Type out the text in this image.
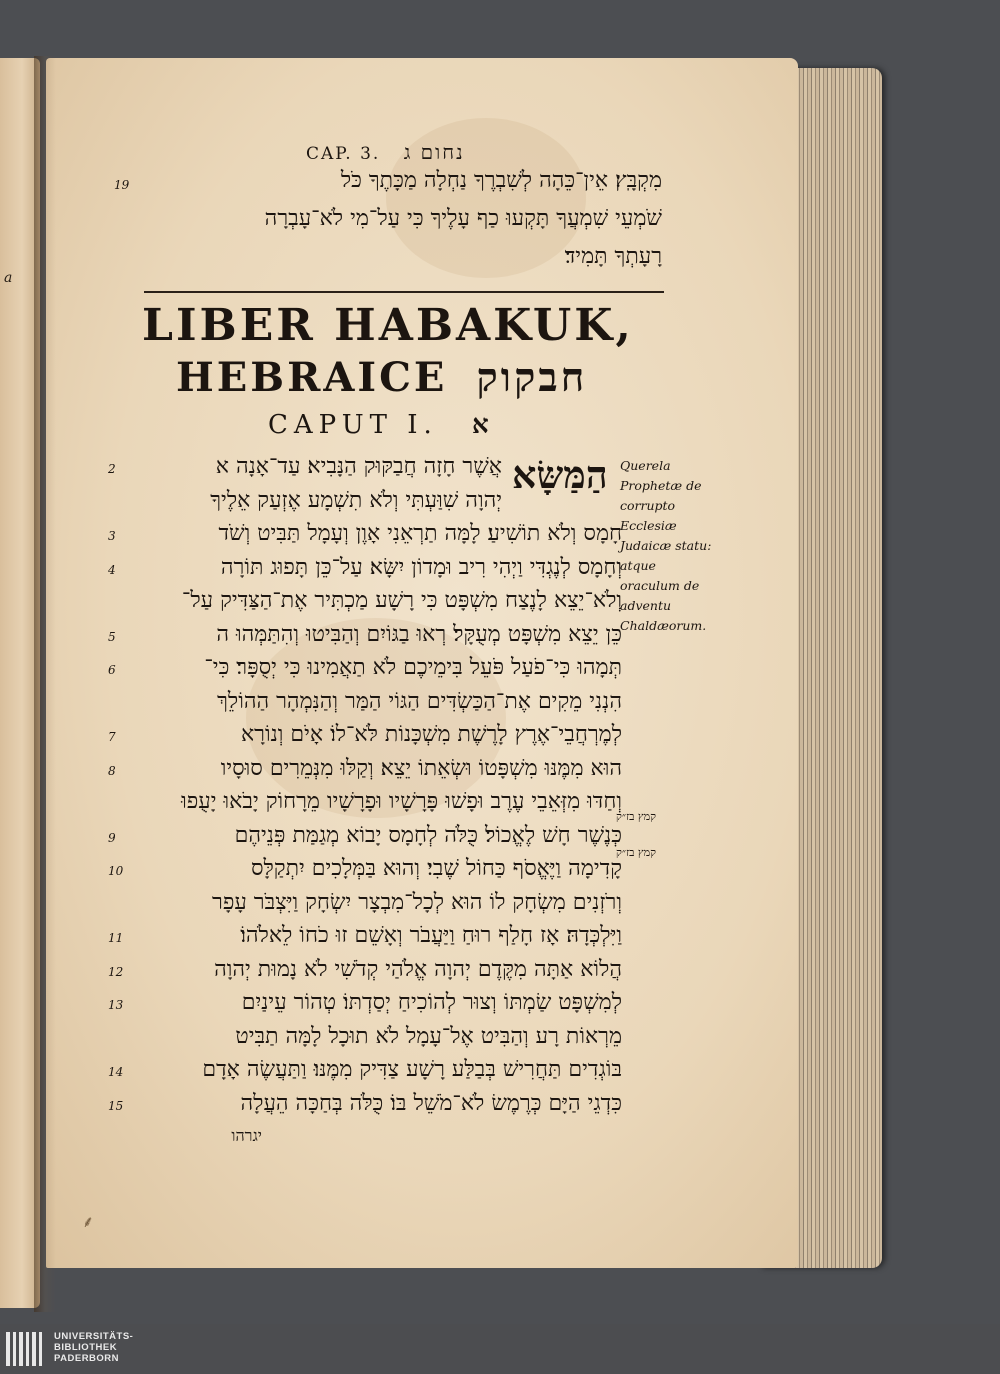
a
CAP. 3. נחום ג
19	מִקְבָּֽץ׃ אֵין־כֵּהָה לְשִׁבְרֶךָ נַחְלָה מַכָּתֶךָ כֹּל
שֹׁמְעֵי שִׁמְעֲךָ תָּקְעוּ כַף עָלֶיךָ כִּי עַל־מִי לֹא־עָבְרָה
רָעָתְךָ תָּמִיד׃
LIBER HABAKUK,
HEBRAICE חבקוק
CAPUT I. א
הַמַּשָּׂא Querela Prophetæ de corrupto Ecclesiæ Judaicæ statu: atque oraculum de adventu Chaldæorum.
קמץ בז״ק
קמץ בז״ק
יגרהו
⸙
אֲשֶׁר חָזָה חֲבַקּוּק הַנָּבִיא׃ עַד־אָנָה א
2
יְהוָה שִׁוַּעְתִּי וְלֹא תִשְׁמָע אֶזְעַק אֵלֶיךָ
חָמָס וְלֹא תוֹשִׁיעַ׃ לָמָּה תַרְאֵנִי אָוֶן וְעָמָל תַּבִּיט וְשֹׁד
3
וְחָמָס לְנֶגְדִּי וַיְהִי רִיב וּמָדוֹן יִשָּׂא׃ עַל־כֵּן תָּפוּג תּוֹרָה
4
וְלֹא־יֵצֵא לָנֶצַח מִשְׁפָּט כִּי רָשָׁע מַכְתִּיר אֶת־הַצַּדִּיק עַל־
כֵּן יֵצֵא מִשְׁפָּט מְעֻקָּל׃ רְאוּ בַגּוֹיִם וְהַבִּיטוּ וְהִתַּמְּהוּ ה
5
תְּמָהוּ כִּי־פֹעַל פֹּעֵל בִּימֵיכֶם לֹא תַאֲמִינוּ כִּי יְסֻפָּר׃ כִּי־
6
הִנְנִי מֵקִים אֶת־הַכַּשְׂדִּים הַגּוֹי הַמַּר וְהַנִּמְהָר הַהוֹלֵךְ
לְמֶרְחֲבֵי־אֶרֶץ לָרֶשֶׁת מִשְׁכָּנוֹת לֹּא־לוֹ׃ אָיֹם וְנוֹרָא
7
הוּא מִמֶּנּוּ מִשְׁפָּטוֹ וּשְׂאֵתוֹ יֵצֵא׃ וְקַלּוּ מִנְּמֵרִים סוּסָיו
8
וְחַדּוּ מִזְּאֵבֵי עֶרֶב וּפָשׁוּ פָּרָשָׁיו וּפָרָשָׁיו מֵרָחוֹק יָבֹאוּ יָעֻפוּ
כְּנֶשֶׁר חָשׁ לֶאֱכוֹל׃ כֻּלֹּה לְחָמָס יָבוֹא מְגַמַּת פְּנֵיהֶם
9
קָדִימָה וַיֶּאֱסֹף כַּחוֹל שֶׁבִי׃ וְהוּא בַּמְּלָכִים יִתְקַלָּס
10
וְרֹזְנִים מִשְׂחָק לוֹ הוּא לְכָל־מִבְצָר יִשְׂחָק וַיִּצְבֹּר עָפָר
וַיִּלְכְּדָהּ׃ אָז חָלַף רוּחַ וַיַּעֲבֹר וְאָשֵׁם זוּ כֹחוֹ לֵאלֹהוֹ׃
11
הֲלוֹא אַתָּה מִקֶּדֶם יְהוָה אֱלֹהַי קְדֹשִׁי לֹא נָמוּת יְהוָה
12
לְמִשְׁפָּט שַׂמְתּוֹ וְצוּר לְהוֹכִיחַ יְסַדְתּוֹ׃ טְהוֹר עֵינַיִם
13
מֵרְאוֹת רָע וְהַבִּיט אֶל־עָמָל לֹא תוּכָל לָמָּה תַבִּיט
בּוֹגְדִים תַּחֲרִישׁ בְּבַלַּע רָשָׁע צַדִּיק מִמֶּנּוּ׃ וַתַּעֲשֶׂה אָדָם
14
כִּדְגֵי הַיָּם כְּרֶמֶשׂ לֹא־מֹשֵׁל בּוֹ׃ כֻּלֹּה בְּחַכָּה הֵעֲלָה
15
UNIVERSITÄTS-
BIBLIOTHEK
PADERBORN
